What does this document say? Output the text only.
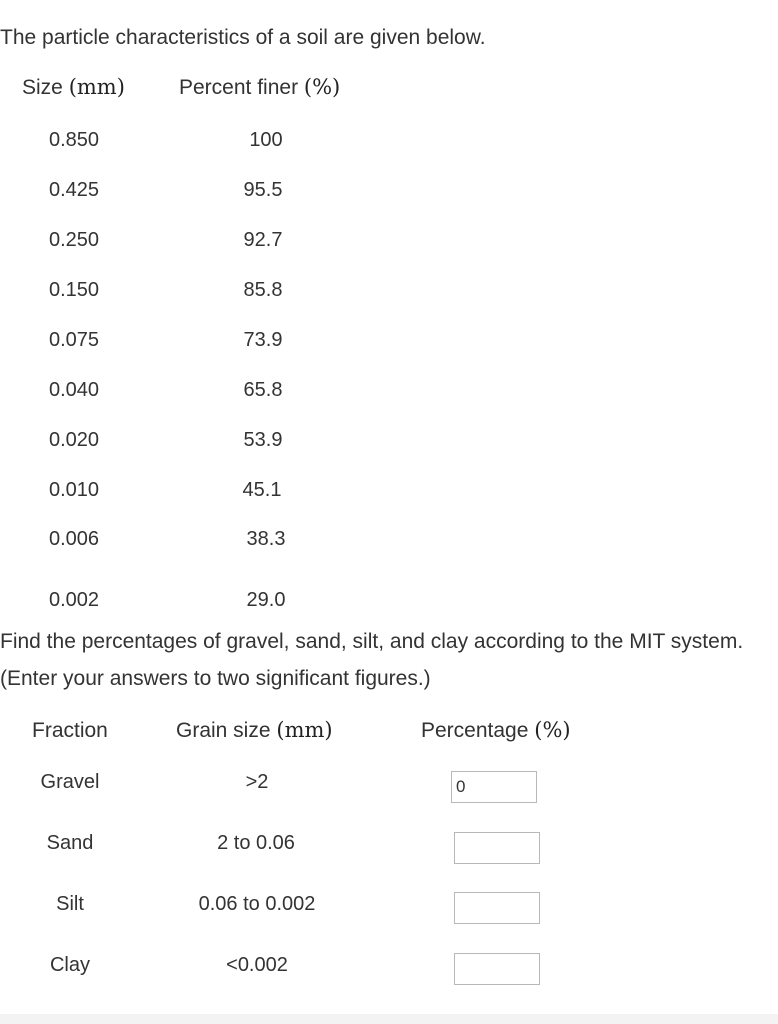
The particle characteristics of a soil are given below.
Size (mm)	Percent finer (%)
0.850	100
0.425	95.5
0.250	92.7
0.150	85.8
0.075	73.9
0.040	65.8
0.020	53.9
0.010	45.1
0.006	38.3
0.002	29.0
Find the percentages of gravel, sand, silt, and clay according to the MIT system.
(Enter your answers to two significant figures.)
Fraction	Grain size (mm)	Percentage (%)
Gravel	>2	0
Sand	2 to 0.06
Silt	0.06 to 0.002
Clay	<0.002
